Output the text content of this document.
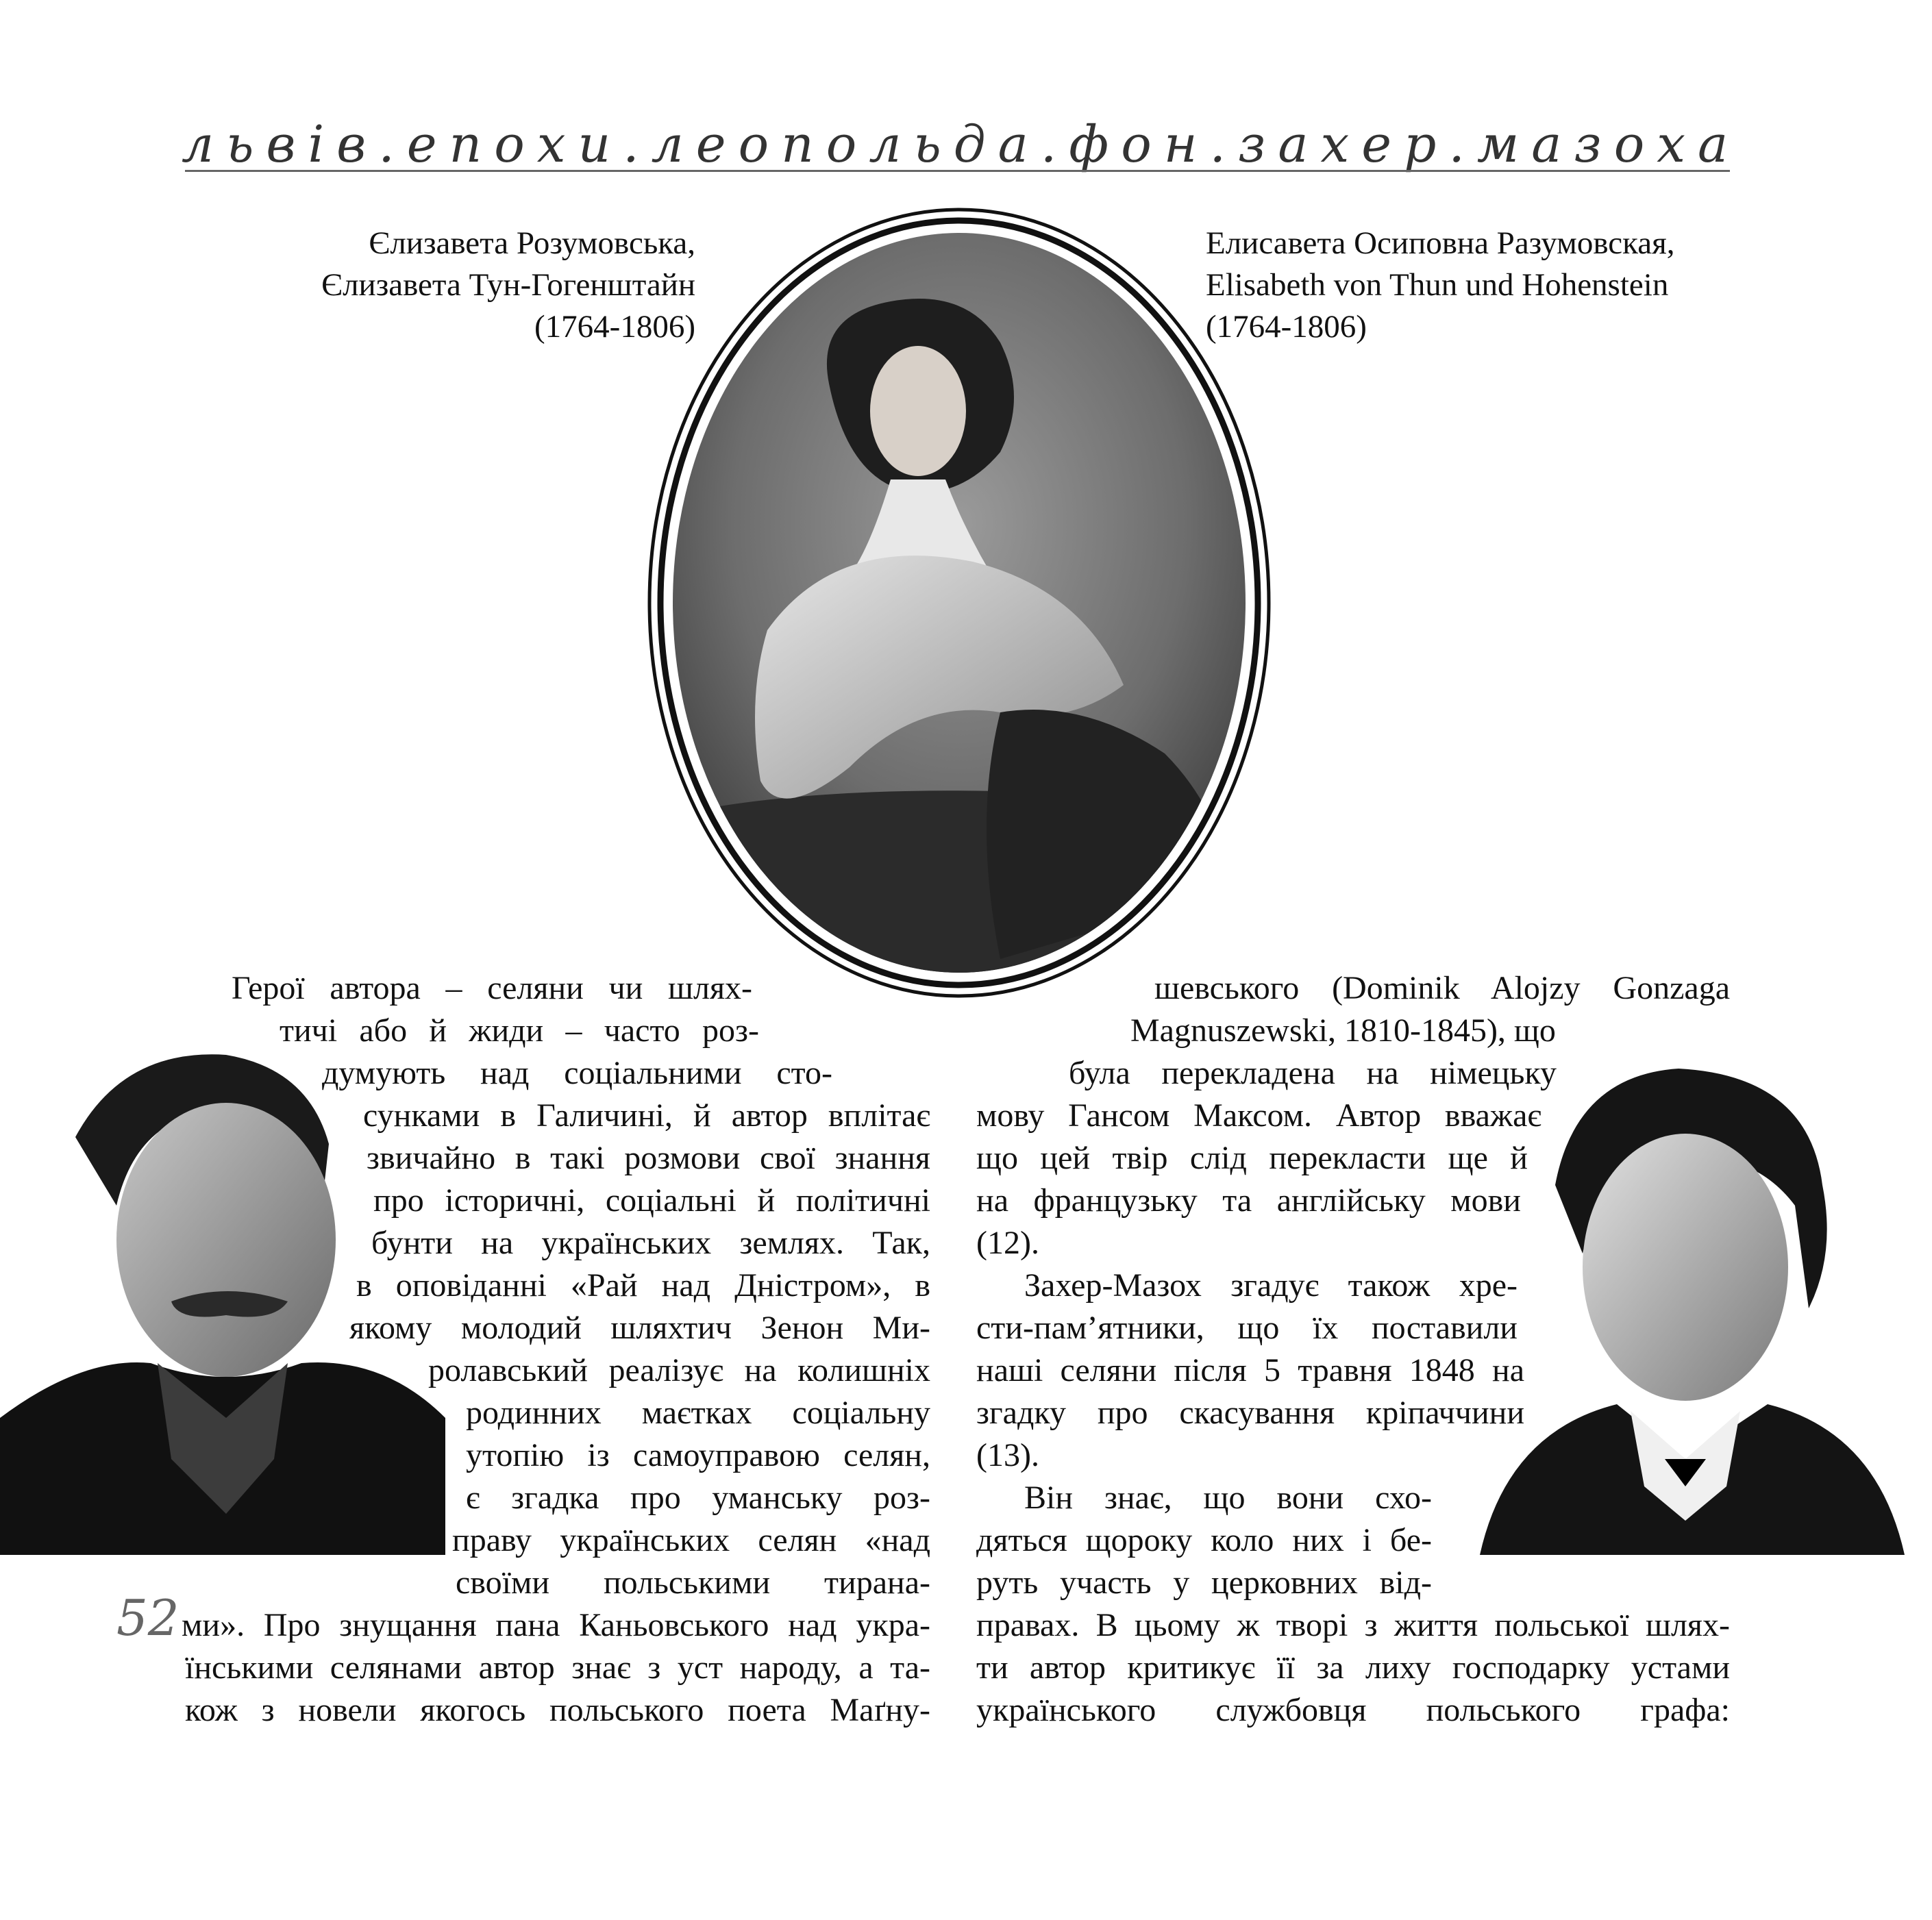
львів.епохи.леопольда.фон.захер.мазоха
Єлизавета Розумовська,
Єлизавета Тун-Гогенштайн
(1764-1806)
Елисавета Осиповна Разумовская,
Elisabeth von Thun und Hohenstein
(1764-1806)
Герої автора – селяни чи шлях-
тичі або й жиди – часто роз-
думують над соціальними сто-
сунками в Галичині, й автор вплітає
звичайно в такі розмови свої знання
про історичні, соціальні й політичні
бунти на українських землях. Так,
в оповіданні «Рай над Дністром», в
якому молодий шляхтич Зенон Ми-
ролавський реалізує на колишніх
родинних маєтках соціальну
утопію із самоуправою селян,
є згадка про уманську роз-
праву українських селян «над
своїми польськими тирана-
ми». Про знущання пана Каньовського над укра-
їнськими селянами автор знає з уст народу, а та-
кож з новели якогось польського поета Маґну-
шевського (Dominik Alojzy Gonzaga
Magnuszewski, 1810-1845), що
була перекладена на німецьку
мову Гансом Максом. Автор вважає
що цей твір слід перекласти ще й
на французьку та англійську мови
(12).
Захер-Мазох згадує також хре-
сти-пам’ятники, що їх поставили
наші селяни після 5 травня 1848 на
згадку про скасування кріпаччини
(13).
Він знає, що вони схо-
дяться щороку коло них і бе-
руть участь у церковних від-
правах. В цьому ж творі з життя польської шлях-
ти автор критикує її за лиху господарку устами
українського службовця польського графа:
52
